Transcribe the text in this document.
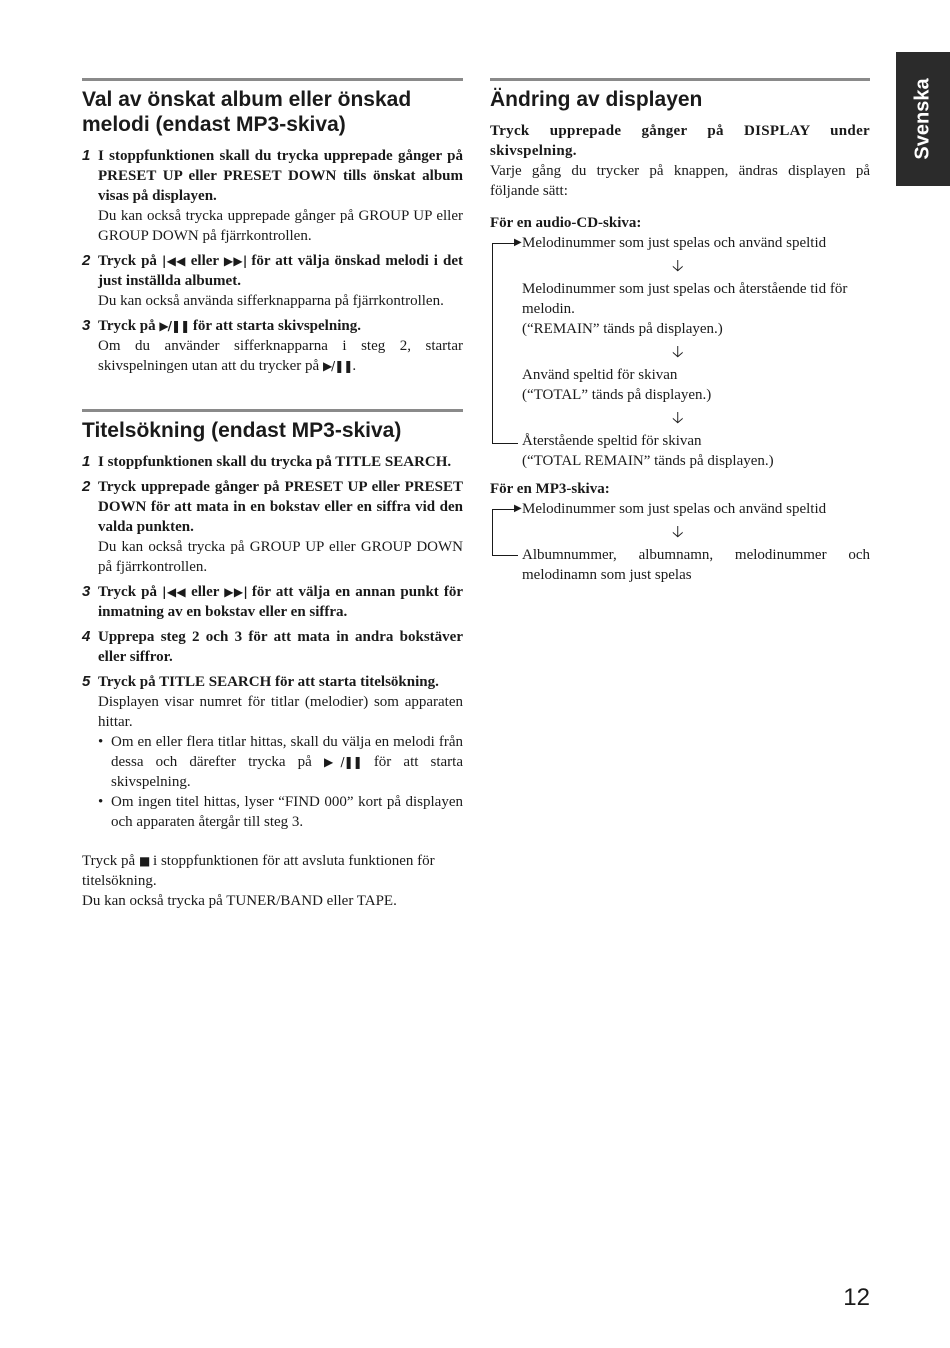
Svenska
Val av önskat album eller önskad melodi (endast MP3-skiva)
1 I stoppfunktionen skall du trycka upprepade gånger på PRESET UP eller PRESET DOWN tills önskat album visas på displayen.
Du kan också trycka upprepade gånger på GROUP UP eller GROUP DOWN på fjärrkontrollen.
2 Tryck på |◀◀ eller ▶▶| för att välja önskad melodi i det just inställda albumet.
Du kan också använda sifferknapparna på fjärrkontrollen.
3 Tryck på ▶/❚❚ för att starta skivspelning.
Om du använder sifferknapparna i steg 2, startar skivspelningen utan att du trycker på ▶/❚❚.
Titelsökning (endast MP3-skiva)
1 I stoppfunktionen skall du trycka på TITLE SEARCH.
2 Tryck upprepade gånger på PRESET UP eller PRESET DOWN för att mata in en bokstav eller en siffra vid den valda punkten.
Du kan också trycka på GROUP UP eller GROUP DOWN på fjärrkontrollen.
3 Tryck på |◀◀ eller ▶▶| för att välja en annan punkt för inmatning av en bokstav eller en siffra.
4 Upprepa steg 2 och 3 för att mata in andra bokstäver eller siffror.
5 Tryck på TITLE SEARCH för att starta titelsökning.
Displayen visar numret för titlar (melodier) som apparaten hittar.
• Om en eller flera titlar hittas, skall du välja en melodi från dessa och därefter trycka på ▶/❚❚ för att starta skivspelning.
• Om ingen titel hittas, lyser “FIND 000” kort på displayen och apparaten återgår till steg 3.

Tryck på ■ i stoppfunktionen för att avsluta funktionen för titelsökning.

Du kan också trycka på TUNER/BAND eller TAPE.

Ändring av displayen
Tryck upprepade gånger på DISPLAY under skivspelning.
Varje gång du trycker på knappen, ändras displayen på följande sätt:

För en audio-CD-skiva:

▶ Melodinummer som just spelas och använd speltid
🡣
Melodinummer som just spelas och återstående tid för melodin.
(“REMAIN” tänds på displayen.)
🡣
Använd speltid för skivan
(“TOTAL” tänds på displayen.)
🡣
Återstående speltid för skivan
(“TOTAL REMAIN” tänds på displayen.)

För en MP3-skiva:

▶ Melodinummer som just spelas och använd speltid
🡣
Albumnummer, albumnamn, melodinummer och melodinamn som just spelas
12
